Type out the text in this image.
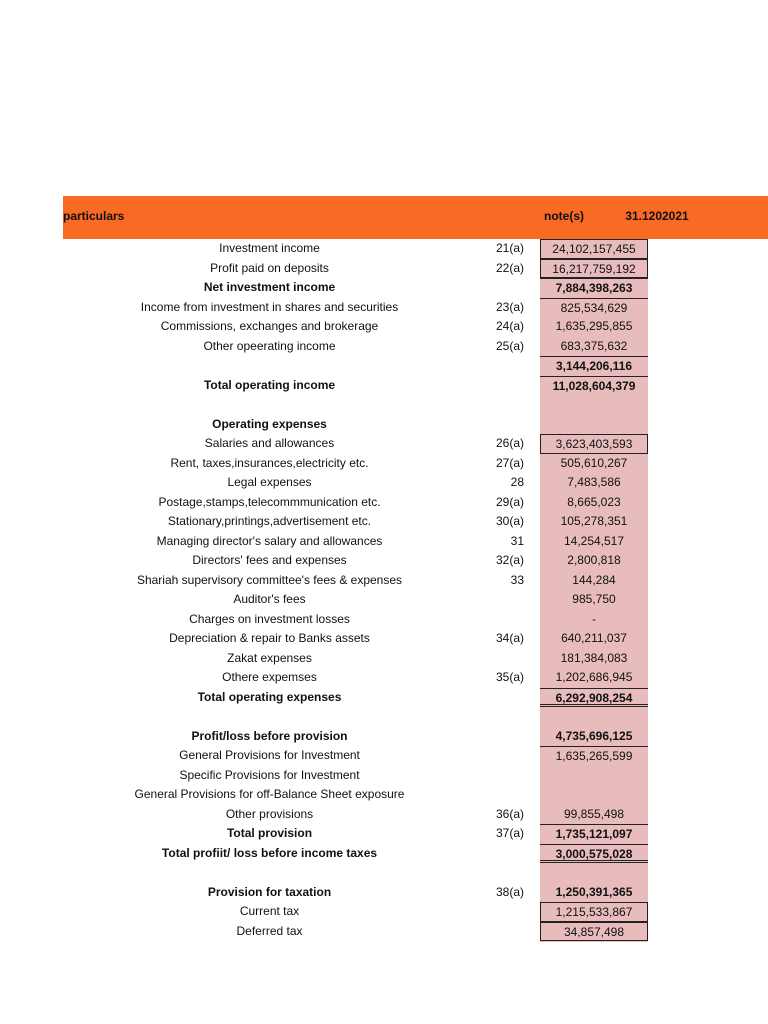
particulars	note(s)	31.1202021
Investment income	21(a)	24,102,157,455
Profit paid on deposits	22(a)	16,217,759,192
Net investment income	7,884,398,263
Income from investment in shares and securities	23(a)	825,534,629
Commissions, exchanges and brokerage	24(a)	1,635,295,855
Other opeerating income	25(a)	683,375,632
3,144,206,116
Total operating income	11,028,604,379
Operating expenses
Salaries and allowances	26(a)	3,623,403,593
Rent, taxes,insurances,electricity etc.	27(a)	505,610,267
Legal expenses	28	7,483,586
Postage,stamps,telecommmunication etc.	29(a)	8,665,023
Stationary,printings,advertisement etc.	30(a)	105,278,351
Managing director's salary and allowances	31	14,254,517
Directors' fees and expenses	32(a)	2,800,818
Shariah supervisory committee's fees & expenses	33	144,284
Auditor's fees	985,750
Charges on investment losses	-
Depreciation & repair to Banks assets	34(a)	640,211,037
Zakat expenses	181,384,083
Othere expemses	35(a)	1,202,686,945
Total operating expenses	6,292,908,254
Profit/loss before provision	4,735,696,125
General Provisions for Investment	1,635,265,599
Specific Provisions for Investment
General Provisions for off-Balance Sheet exposure
Other provisions	36(a)	99,855,498
Total provision	37(a)	1,735,121,097
Total profiit/ loss before income taxes	3,000,575,028
Provision for taxation	38(a)	1,250,391,365
Current tax	1,215,533,867
Deferred tax	34,857,498
